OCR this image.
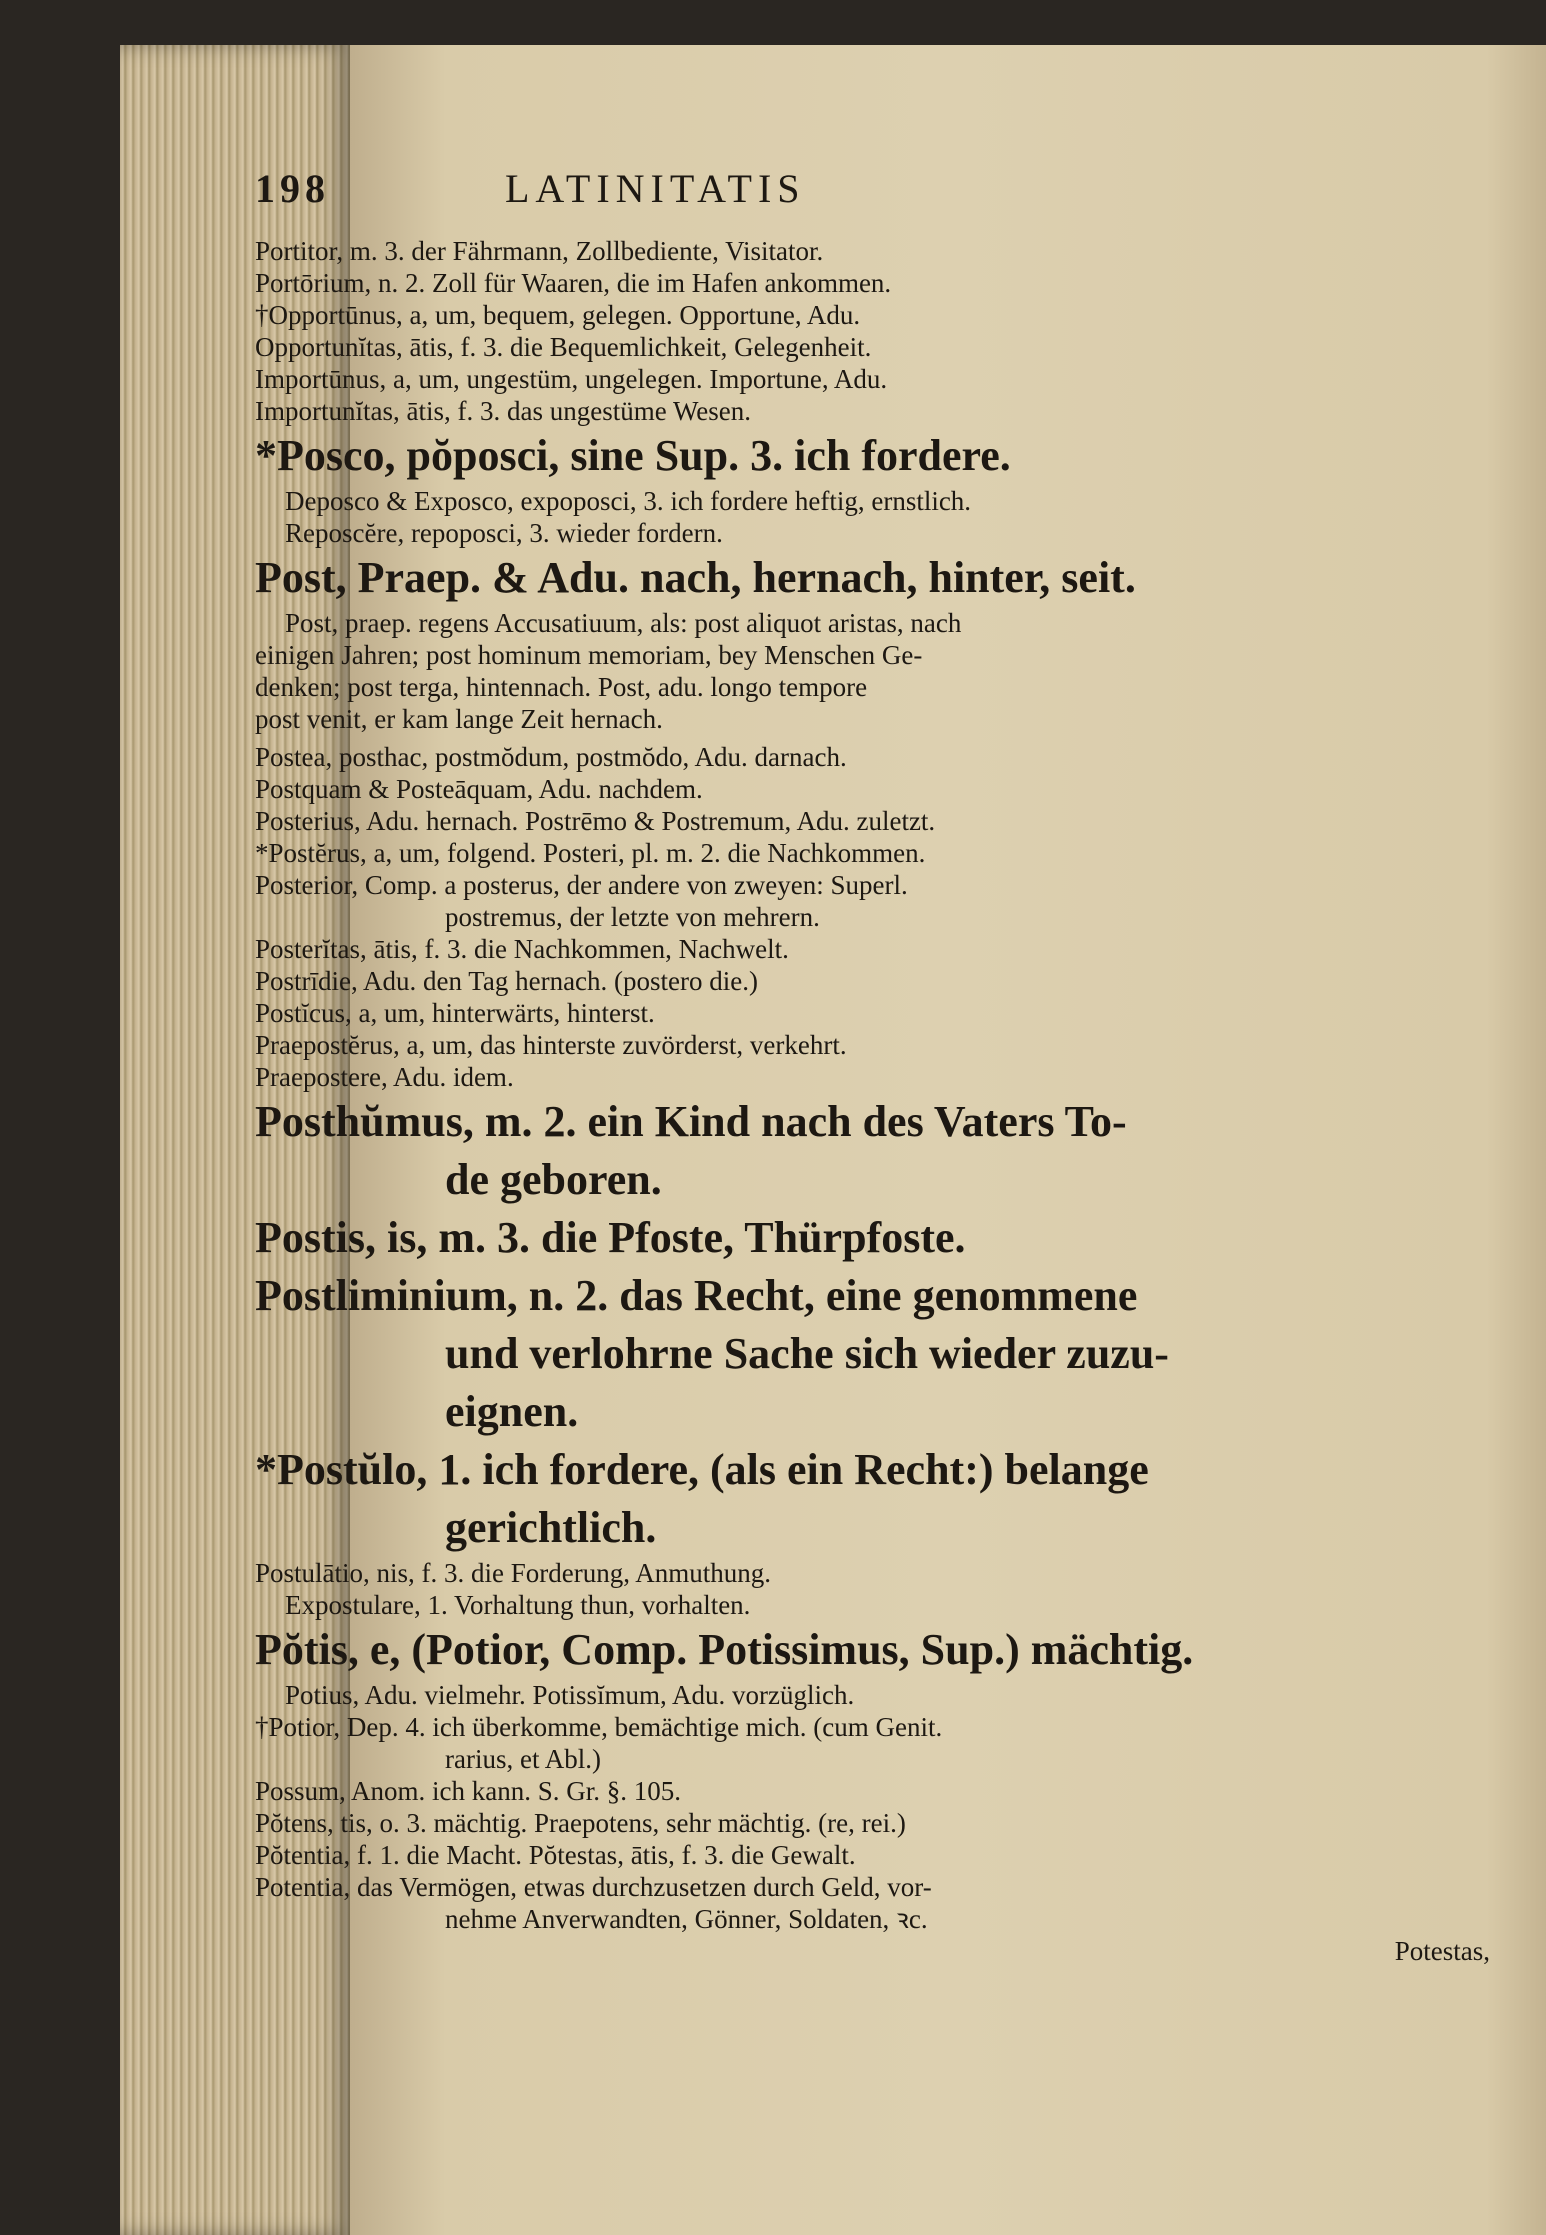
198	LATINITATIS
Portitor, m. 3. der Fährmann, Zollbediente, Visitator.
Portōrium, n. 2. Zoll für Waaren, die im Hafen ankommen.
†Opportūnus, a, um, bequem, gelegen. Opportune, Adu.
Opportunĭtas, ātis, f. 3. die Bequemlichkeit, Gelegenheit.
Importūnus, a, um, ungestüm, ungelegen. Importune, Adu.
Importunĭtas, ātis, f. 3. das ungestüme Wesen.
*Posco, pŏposci, sine Sup. 3. ich fordere.
Deposco & Exposco, expoposci, 3. ich fordere heftig, ernstlich.
Reposcĕre, repoposci, 3. wieder fordern.
Post, Praep. & Adu. nach, hernach, hinter, seit.
Post, praep. regens Accusatiuum, als: post aliquot aristas, nach
einigen Jahren; post hominum memoriam, bey Menschen Ge-
denken; post terga, hintennach. Post, adu. longo tempore
post venit, er kam lange Zeit hernach.
Postea, posthac, postmŏdum, postmŏdo, Adu. darnach.
Postquam & Posteāquam, Adu. nachdem.
Posterius, Adu. hernach. Postrēmo & Postremum, Adu. zuletzt.
*Postĕrus, a, um, folgend. Posteri, pl. m. 2. die Nachkommen.
Posterior, Comp. a posterus, der andere von zweyen: Superl.
postremus, der letzte von mehrern.
Posterĭtas, ātis, f. 3. die Nachkommen, Nachwelt.
Postrīdie, Adu. den Tag hernach. (postero die.)
Postĭcus, a, um, hinterwärts, hinterst.
Praepostĕrus, a, um, das hinterste zuvörderst, verkehrt.
Praepostere, Adu. idem.
Posthŭmus, m. 2. ein Kind nach des Vaters To-
de geboren.
Postis, is, m. 3. die Pfoste, Thürpfoste.
Postliminium, n. 2. das Recht, eine genommene
und verlohrne Sache sich wieder zuzu-
eignen.
*Postŭlo, 1. ich fordere, (als ein Recht:) belange
gerichtlich.
Postulātio, nis, f. 3. die Forderung, Anmuthung.
Expostulare, 1. Vorhaltung thun, vorhalten.
Pŏtis, e, (Potior, Comp. Potissimus, Sup.) mächtig.
Potius, Adu. vielmehr. Potissĭmum, Adu. vorzüglich.
†Potior, Dep. 4. ich überkomme, bemächtige mich. (cum Genit.
rarius, et Abl.)
Possum, Anom. ich kann. S. Gr. §. 105.
Pŏtens, tis, o. 3. mächtig. Praepotens, sehr mächtig. (re, rei.)
Pŏtentia, f. 1. die Macht. Pŏtestas, ātis, f. 3. die Gewalt.
Potentia, das Vermögen, etwas durchzusetzen durch Geld, vor-
nehme Anverwandten, Gönner, Soldaten, ꝛc.
Potestas,
